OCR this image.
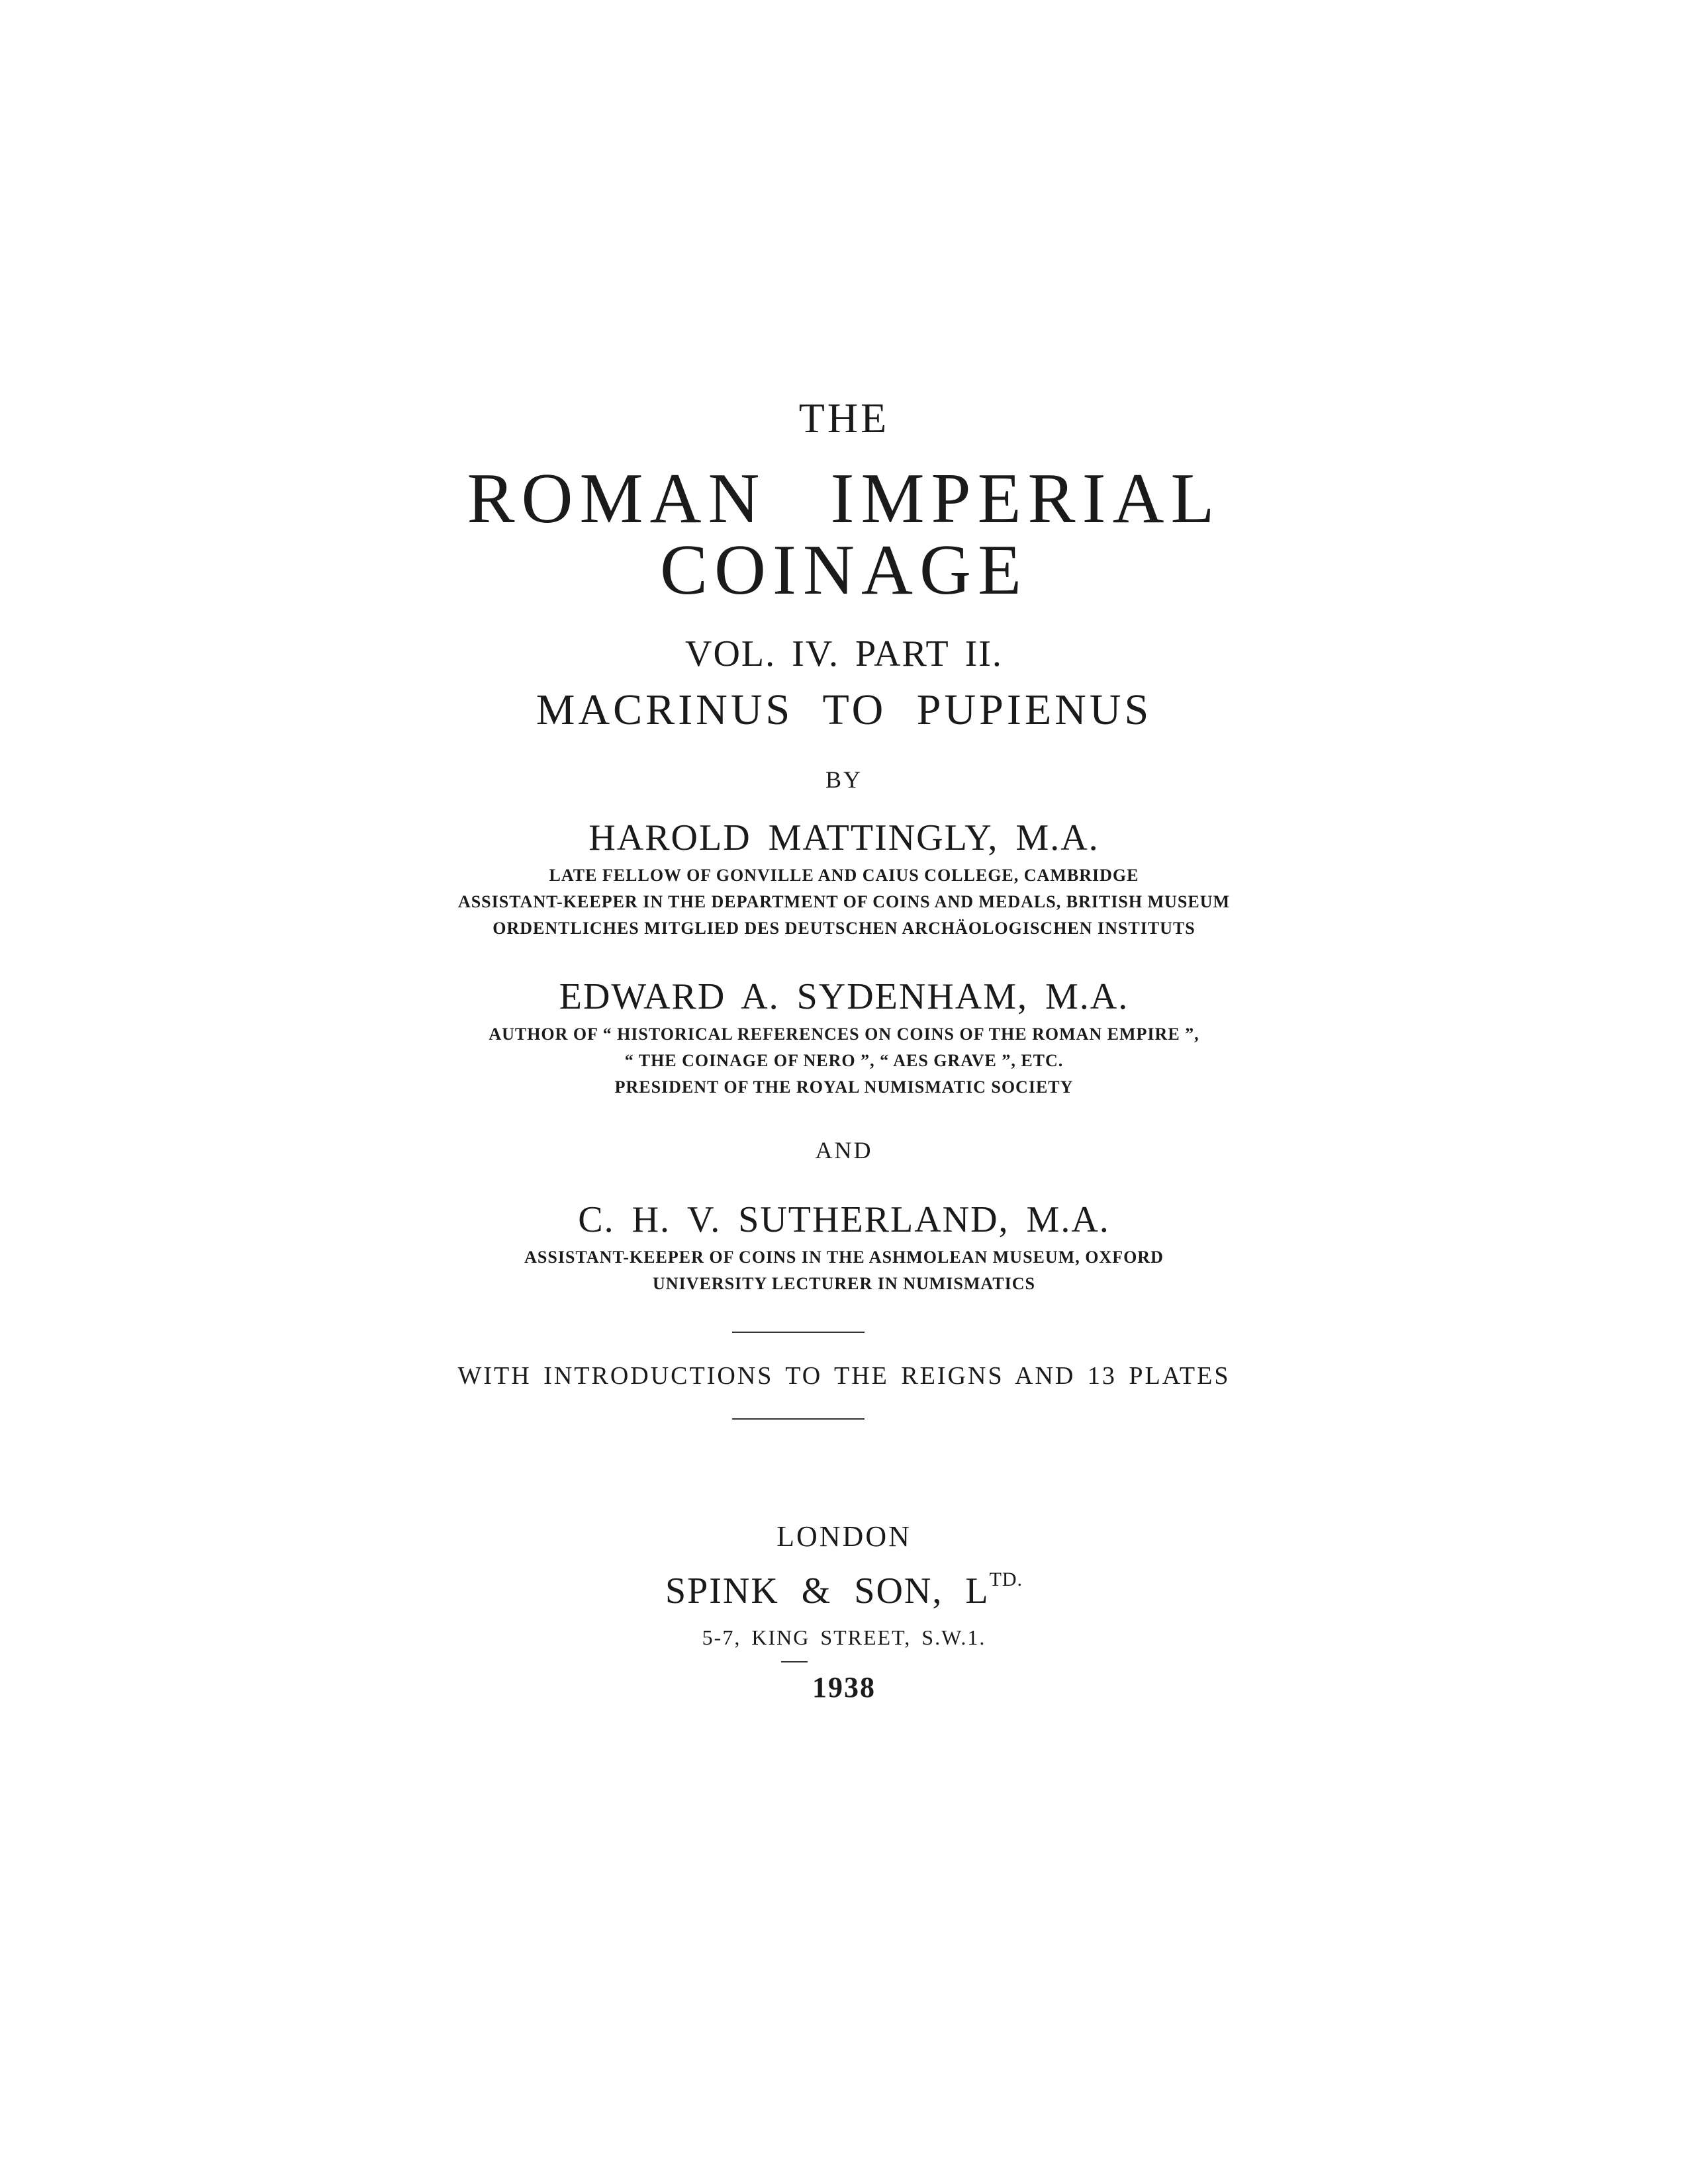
THE
ROMAN IMPERIAL
COINAGE
VOL. IV. PART II.
MACRINUS TO PUPIENUS
BY
HAROLD MATTINGLY, M.A.
LATE FELLOW OF GONVILLE AND CAIUS COLLEGE, CAMBRIDGE
ASSISTANT-KEEPER IN THE DEPARTMENT OF COINS AND MEDALS, BRITISH MUSEUM
ORDENTLICHES MITGLIED DES DEUTSCHEN ARCHÄOLOGISCHEN INSTITUTS
EDWARD A. SYDENHAM, M.A.
AUTHOR OF “ HISTORICAL REFERENCES ON COINS OF THE ROMAN EMPIRE ”,
“ THE COINAGE OF NERO ”, “ AES GRAVE ”, ETC.
PRESIDENT OF THE ROYAL NUMISMATIC SOCIETY
AND
C. H. V. SUTHERLAND, M.A.
ASSISTANT-KEEPER OF COINS IN THE ASHMOLEAN MUSEUM, OXFORD
UNIVERSITY LECTURER IN NUMISMATICS
WITH INTRODUCTIONS TO THE REIGNS AND 13 PLATES
LONDON
SPINK & SON, $L^{TD.}$
5-7, KING STREET, S.W.1.
1938
